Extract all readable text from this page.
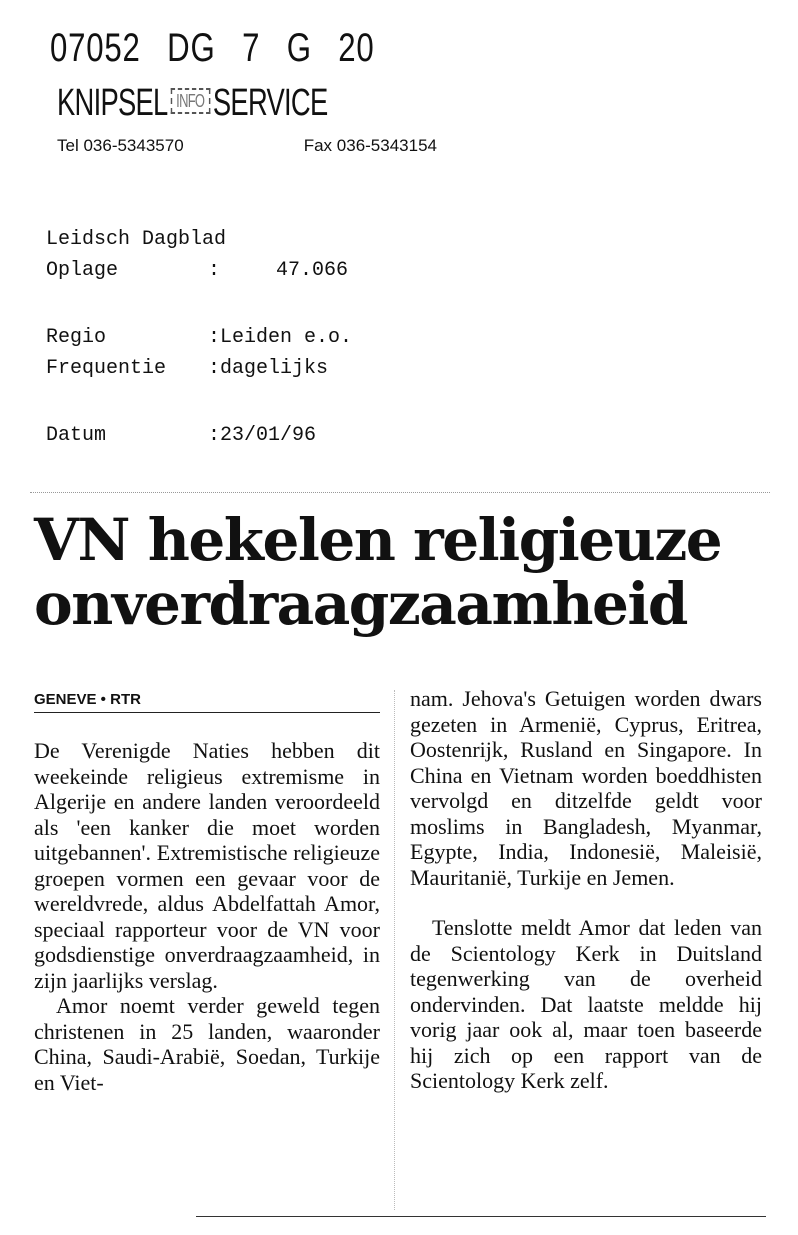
07052 DG 7 G 20
KNIPSEL INFO SERVICE
Tel 036-5343570	Fax 036-5343154
Leidsch Dagblad
Oplage	:	47.066
Regio	: Leiden e.o.
Frequentie : dagelijks
Datum	: 23/01/96
VN hekelen religieuze
onverdraagzaamheid
GENEVE • RTR

De Verenigde Naties hebben dit weekeinde religieus extremisme in Algerije en andere landen veroordeeld als 'een kanker die moet worden uitgebannen'. Extremistische religieuze groepen vormen een gevaar voor de wereldvrede, aldus Abdelfattah Amor, speciaal rapporteur voor de VN voor godsdienstige onverdraagzaamheid, in zijn jaarlijks verslag.

Amor noemt verder geweld tegen christenen in 25 landen, waaronder China, Saudi-Arabië, Soedan, Turkije en Viet-

nam. Jehova's Getuigen worden dwars gezeten in Armenië, Cyprus, Eritrea, Oostenrijk, Rusland en Singapore. In China en Vietnam worden boeddhisten vervolgd en ditzelfde geldt voor moslims in Bangladesh, Myanmar, Egypte, India, Indonesië, Maleisië, Mauritanië, Turkije en Jemen.

Tenslotte meldt Amor dat leden van de Scientology Kerk in Duitsland tegenwerking van de overheid ondervinden. Dat laatste meldde hij vorig jaar ook al, maar toen baseerde hij zich op een rapport van de Scientology Kerk zelf.
